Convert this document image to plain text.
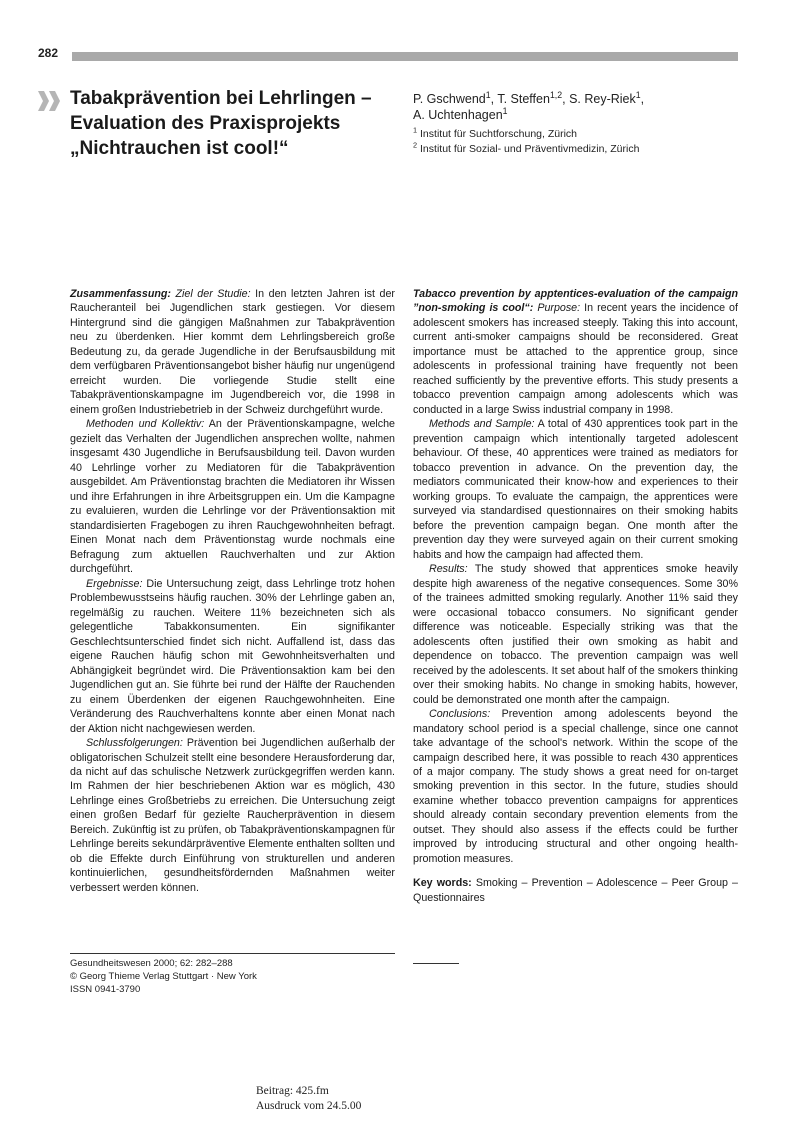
282
Tabakprävention bei Lehrlingen –
Evaluation des Praxisprojekts
„Nichtrauchen ist cool!“
P. Gschwend$^1$, T. Steffen$^{1,2}$, S. Rey-Riek$^1$,
A. Uchtenhagen$^1$
$^1$ Institut für Suchtforschung, Zürich
$^2$ Institut für Sozial- und Präventivmedizin, Zürich

Zusammenfassung: Ziel der Studie: In den letzten Jahren ist der Raucheranteil bei Jugendlichen stark gestiegen. Vor diesem Hintergrund sind die gängigen Maßnahmen zur Tabakprävention neu zu überdenken. Hier kommt dem Lehrlingsbereich große Bedeutung zu, da gerade Jugendliche in der Berufsausbildung mit dem verfügbaren Präventionsangebot bisher häufig nur ungenügend erreicht wurden. Die vorliegende Studie stellt eine Tabakpräventionskampagne im Jugendbereich vor, die 1998 in einem großen Industriebetrieb in der Schweiz durchgeführt wurde.

Methoden und Kollektiv: An der Präventionskampagne, welche gezielt das Verhalten der Jugendlichen ansprechen wollte, nahmen insgesamt 430 Jugendliche in Berufsausbildung teil. Davon wurden 40 Lehrlinge vorher zu Mediatoren für die Tabakprävention ausgebildet. Am Präventionstag brachten die Mediatoren ihr Wissen und ihre Erfahrungen in ihre Arbeitsgruppen ein. Um die Kampagne zu evaluieren, wurden die Lehrlinge vor der Präventionsaktion mit standardisierten Fragebogen zu ihren Rauchgewohnheiten befragt. Einen Monat nach dem Präventionstag wurde nochmals eine Befragung zum aktuellen Rauchverhalten und zur Aktion durchgeführt.

Ergebnisse: Die Untersuchung zeigt, dass Lehrlinge trotz hohen Problembewusstseins häufig rauchen. 30% der Lehrlinge gaben an, regelmäßig zu rauchen. Weitere 11% bezeichneten sich als gelegentliche Tabakkonsumenten. Ein signifikanter Geschlechtsunterschied findet sich nicht. Auffallend ist, dass das eigene Rauchen häufig schon mit Gewohnheitsverhalten und Abhängigkeit begründet wird. Die Präventionsaktion kam bei den Jugendlichen gut an. Sie führte bei rund der Hälfte der Rauchenden zu einem Überdenken der eigenen Rauchgewohnheiten. Eine Veränderung des Rauchverhaltens konnte aber einen Monat nach der Aktion nicht nachgewiesen werden.

Schlussfolgerungen: Prävention bei Jugendlichen außerhalb der obligatorischen Schulzeit stellt eine besondere Herausforderung dar, da nicht auf das schulische Netzwerk zurückgegriffen werden kann. Im Rahmen der hier beschriebenen Aktion war es möglich, 430 Lehrlinge eines Großbetriebs zu erreichen. Die Untersuchung zeigt einen großen Bedarf für gezielte Raucherprävention in diesem Bereich. Zukünftig ist zu prüfen, ob Tabakpräventionskampagnen für Lehrlinge bereits sekundärpräventive Elemente enthalten sollten und ob die Effekte durch Einführung von strukturellen und anderen kontinuierlichen, gesundheitsfördernden Maßnahmen weiter verbessert werden können.

Tabacco prevention by apptentices-evaluation of the campaign ”non-smoking is cool“: Purpose: In recent years the incidence of adolescent smokers has increased steeply. Taking this into account, current anti-smoker campaigns should be reconsidered. Great importance must be attached to the apprentice group, since adolescents in professional training have frequently not been reached sufficiently by the preventive efforts. This study presents a tobacco prevention campaign among adolescents which was conducted in a large Swiss industrial company in 1998.

Methods and Sample: A total of 430 apprentices took part in the prevention campaign which intentionally targeted adolescent behaviour. Of these, 40 apprentices were trained as mediators for tobacco prevention in advance. On the prevention day, the mediators communicated their know-how and experiences to their working groups. To evaluate the campaign, the apprentices were surveyed via standardised questionnaires on their smoking habits before the prevention campaign began. One month after the prevention day they were surveyed again on their current smoking habits and how the campaign had affected them.

Results: The study showed that apprentices smoke heavily despite high awareness of the negative consequences. Some 30% of the trainees admitted smoking regularly. Another 11% said they were occasional tobacco consumers. No significant gender difference was noticeable. Especially striking was that the adolescents often justified their own smoking as habit and dependence on tobacco. The prevention campaign was well received by the adolescents. It set about half of the smokers thinking over their smoking habits. No change in smoking habits, however, could be demonstrated one month after the campaign.

Conclusions: Prevention among adolescents beyond the mandatory school period is a special challenge, since one cannot take advantage of the school's network. Within the scope of the campaign described here, it was possible to reach 430 apprentices of a major company. The study shows a great need for on-target smoking prevention in this sector. In the future, studies should examine whether tobacco prevention campaigns for apprentices should already contain secondary prevention elements from the outset. They should also assess if the effects could be further improved by introducing structural and other ongoing health-promotion measures.

Key words: Smoking – Prevention – Adolescence – Peer Group – Questionnaires

Gesundheitswesen 2000; 62: 282–288
© Georg Thieme Verlag Stuttgart · New York
ISSN 0941-3790
Beitrag: 425.fm
Ausdruck vom 24.5.00
